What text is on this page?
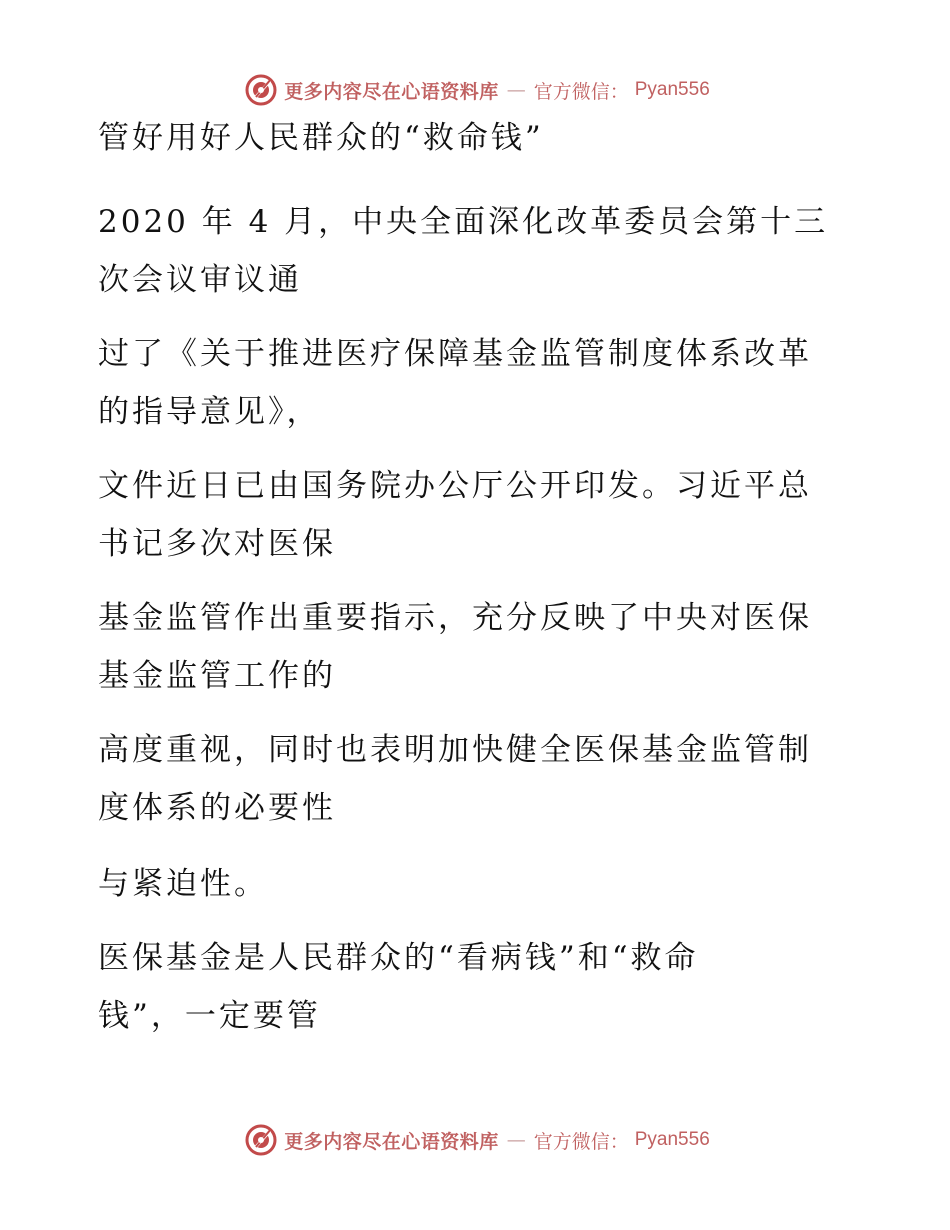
更多内容尽在心语资料库 — 官方微信： Pyan556
管好用好人民群众的“救命钱”
2020 年 4 月，中央全面深化改革委员会第十三
次会议审议通
过了《关于推进医疗保障基金监管制度体系改革
的指导意见》，
文件近日已由国务院办公厅公开印发。习近平总
书记多次对医保
基金监管作出重要指示，充分反映了中央对医保
基金监管工作的
高度重视，同时也表明加快健全医保基金监管制
度体系的必要性
与紧迫性。
医保基金是人民群众的“看病钱”和“救命
钱”，一定要管
更多内容尽在心语资料库 — 官方微信： Pyan556
